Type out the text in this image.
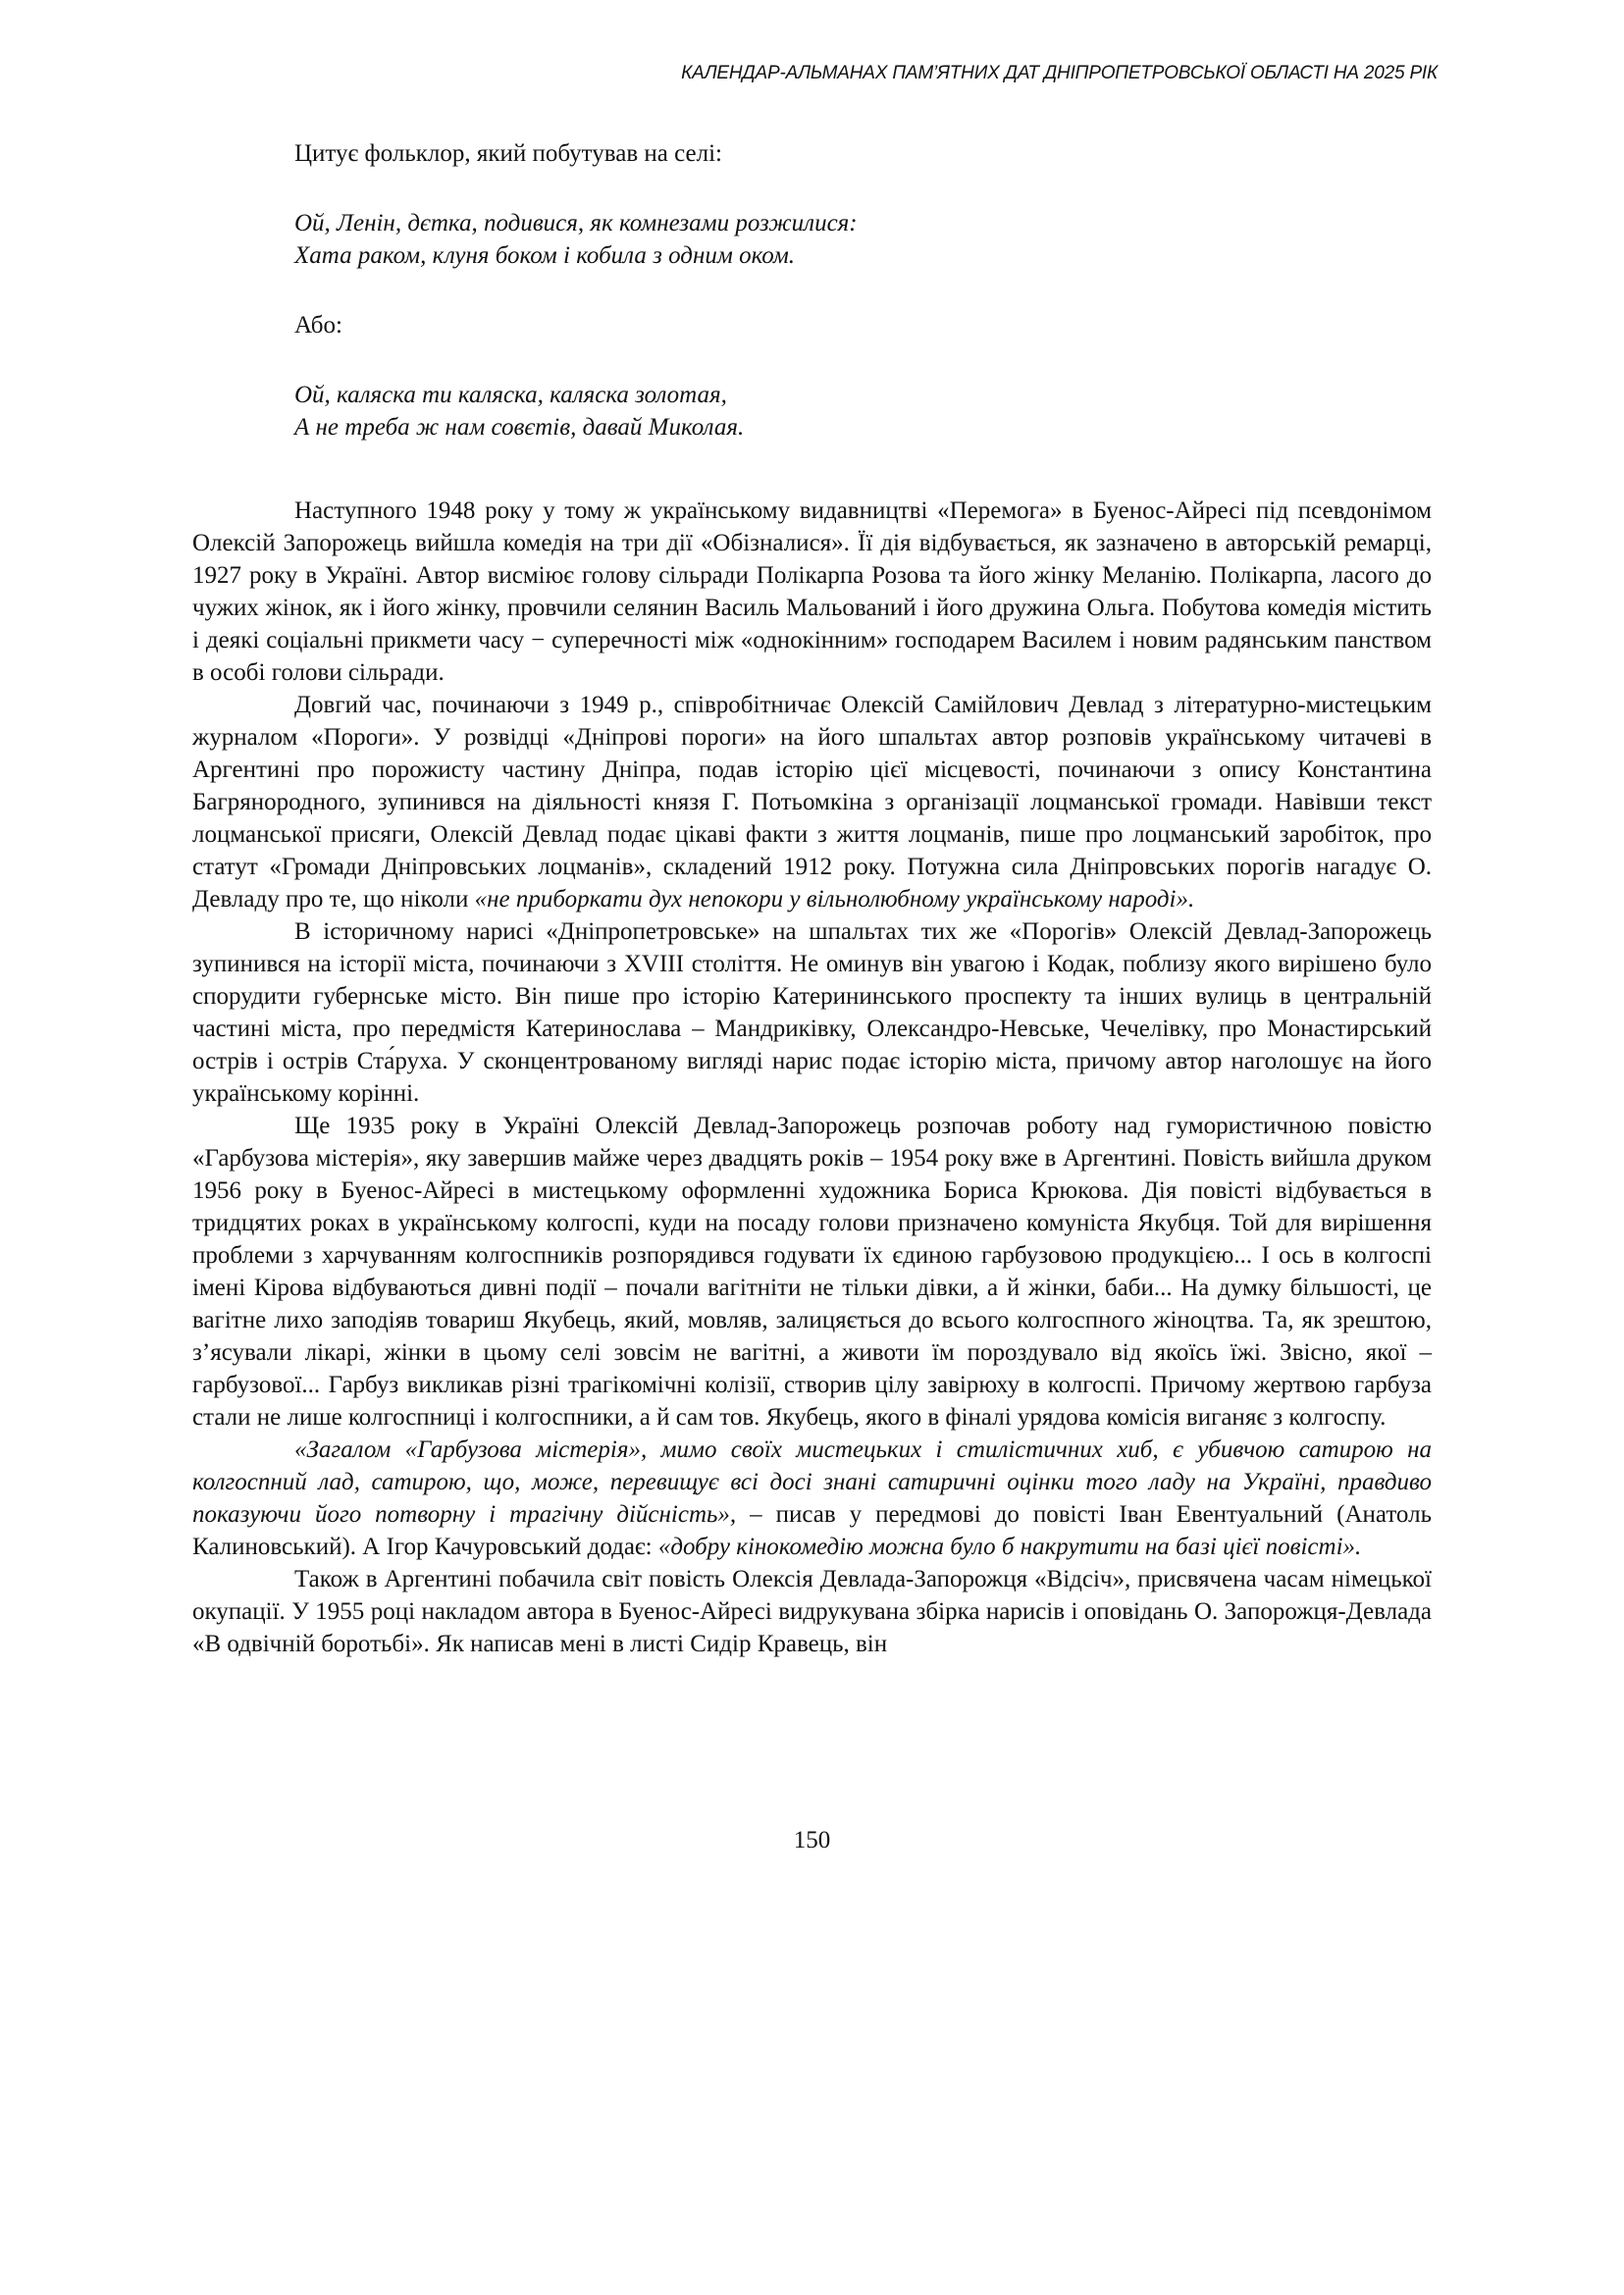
КАЛЕНДАР-АЛЬМАНАХ ПАМ’ЯТНИХ ДАТ ДНІПРОПЕТРОВСЬКОЇ ОБЛАСТІ НА 2025 РІК

Цитує фольклор, який побутував на селі:

Ой, Ленін, дєтка, подивися, як комнезами розжилися:

Хата раком, клуня боком і кобила з одним оком.

Або:

Ой, каляска ти каляска, каляска золотая,

А не треба ж нам совєтів, давай Миколая.

Наступного 1948 року у тому ж українському видавництві «Перемога» в Буенос-Айресі під псевдонімом Олексій Запорожець вийшла комедія на три дії «Обізналися». Її дія відбувається, як зазначено в авторській ремарці, 1927 року в Україні. Автор висміює голову сільради Полікарпа Розова та його жінку Меланію. Полікарпа, ласого до чужих жінок, як і його жінку, провчили селянин Василь Мальований і його дружина Ольга. Побутова комедія містить і деякі соціальні прикмети часу − суперечності між «однокінним» господарем Василем і новим радянським панством в особі голови сільради.

Довгий час, починаючи з 1949 р., співробітничає Олексій Самійлович Девлад з літературно-мистецьким журналом «Пороги». У розвідці «Дніпрові пороги» на його шпальтах автор розповів українському читачеві в Аргентині про порожисту частину Дніпра, подав історію цієї місцевості, починаючи з опису Константина Багрянородного, зупинився на діяльності князя Г. Потьомкіна з організації лоцманської громади. Навівши текст лоцманської присяги, Олексій Девлад подає цікаві факти з життя лоцманів, пише про лоцманський заробіток, про статут «Громади Дніпровських лоцманів», складений 1912 року. Потужна сила Дніпровських порогів нагадує О. Девладу про те, що ніколи «не приборкати дух непокори у вільнолюбному українському народі».

В історичному нарисі «Дніпропетровське» на шпальтах тих же «Порогів» Олексій Девлад-Запорожець зупинився на історії міста, починаючи з XVIII століття. Не оминув він увагою і Кодак, поблизу якого вирішено було спорудити губернське місто. Він пише про історію Катерининського проспекту та інших вулиць в центральній частині міста, про передмістя Катеринослава – Мандриківку, Олександро-Невське, Чечелівку, про Монастирський острів і острів Ста́руха. У сконцентрованому вигляді нарис подає історію міста, причому автор наголошує на його українському корінні.

Ще 1935 року в Україні Олексій Девлад-Запорожець розпочав роботу над гумористичною повістю «Гарбузова містерія», яку завершив майже через двадцять років – 1954 року вже в Аргентині. Повість вийшла друком 1956 року в Буенос-Айресі в мистецькому оформленні художника Бориса Крюкова. Дія повісті відбувається в тридцятих роках в українському колгоспі, куди на посаду голови призначено комуніста Якубця. Той для вирішення проблеми з харчуванням колгоспників розпорядився годувати їх єдиною гарбузовою продукцією... І ось в колгоспі імені Кірова відбуваються дивні події – почали вагітніти не тільки дівки, а й жінки, баби... На думку більшості, це вагітне лихо заподіяв товариш Якубець, який, мовляв, залицяється до всього колгоспного жіноцтва. Та, як зрештою, з’ясували лікарі, жінки в цьому селі зовсім не вагітні, а животи їм порoздувало від якоїсь їжі. Звісно, якої – гарбузової... Гарбуз викликав різні трагікомічні колізії, створив цілу завірюху в колгоспі. Причому жертвою гарбуза стали не лише колгоспниці і колгоспники, а й сам тов. Якубець, якого в фіналі урядова комісія виганяє з колгоспу.

«Загалом «Гарбузова містерія», мимо своїх мистецьких і стилістичних хиб, є убивчою сатирою на колгоспний лад, сатирою, що, може, перевищує всі досі знані сатиричні оцінки того ладу на Україні, правдиво показуючи його потворну і трагічну дійсність», – писав у передмові до повісті Іван Евентуальний (Анатоль Калиновський). А Ігор Качуровський додає: «добру кінокомедію можна було б накрутити на базі цієї повісті».

Також в Аргентині побачила світ повість Олексія Девлада-Запорожця «Відсіч», присвячена часам німецької окупації. У 1955 році накладом автора в Буенос-Айресі видрукувана збірка нарисів і оповідань О. Запорожця-Девлада «В одвічній боротьбі». Як написав мені в листі Сидір Кравець, він

150
